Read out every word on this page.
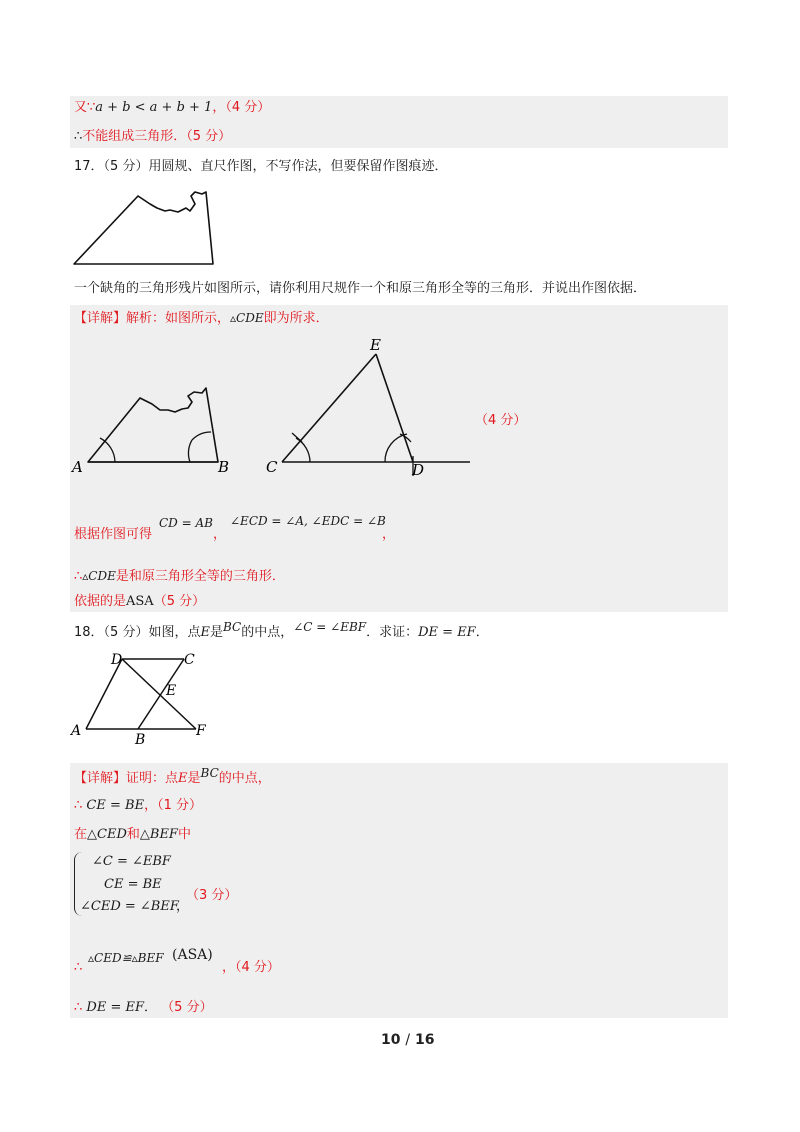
又∵a + b < a + b + 1，（4 分）
∴不能组成三角形．（5 分）
17．（5 分）用圆规、直尺作图，不写作法，但要保留作图痕迹．
一个缺角的三角形残片如图所示，请你利用尺规作一个和原三角形全等的三角形．并说出作图依据．
【详解】解析：如图所示，▵CDE即为所求．
A	B C	D
E
（4 分）
根据作图可得
CD = AB
，
∠ECD = ∠A, ∠EDC = ∠B
，
∴▵CDE是和原三角形全等的三角形．
依据的是ASA（5 分）
18．（5 分）如图，点E是BC的中点，∠C = ∠EBF．求证：DE = EF．
D	C
E
A
B
F
【详解】证明：点E是BC的中点，
∴ CE = BE，（1 分）
在△CED和△BEF中
∠C = ∠EBF
CE = BE
∠CED = ∠BEF
，
（3 分）
∴
▵CED≌▵BEF (ASA)
，（4 分）
∴ DE = EF． （5 分）
10 / 16
